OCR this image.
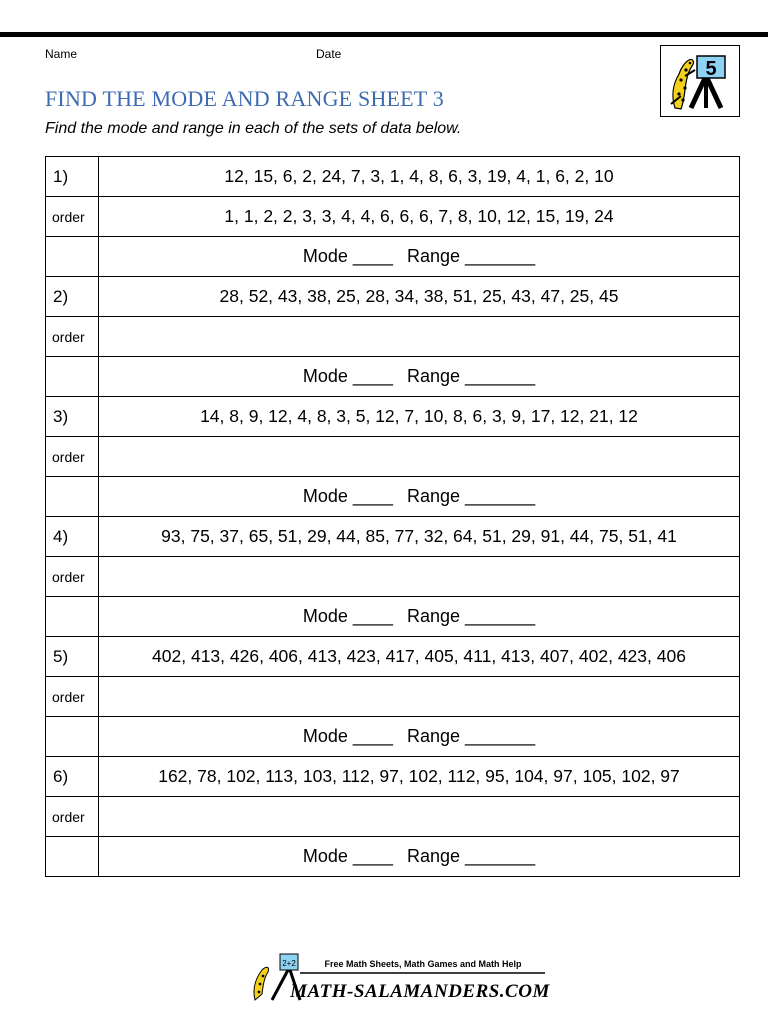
Name	Date
FIND THE MODE AND RANGE SHEET 3
Find the mode and range in each of the sets of data below.
5
1)	12, 15, 6, 2, 24, 7, 3, 1, 4, 8, 6, 3, 19, 4, 1, 6, 2, 10
order	1, 1, 2, 2, 3, 3, 4, 4, 6, 6, 6, 7, 8, 10, 12, 15, 19, 24
	Mode ____ Range _______
2)	28, 52, 43, 38, 25, 28, 34, 38, 51, 25, 43, 47, 25, 45
order	
	Mode ____ Range _______
3)	14, 8, 9, 12, 4, 8, 3, 5, 12, 7, 10, 8, 6, 3, 9, 17, 12, 21, 12
order	
	Mode ____ Range _______
4)	93, 75, 37, 65, 51, 29, 44, 85, 77, 32, 64, 51, 29, 91, 44, 75, 51, 41
order	
	Mode ____ Range _______
5)	402, 413, 426, 406, 413, 423, 417, 405, 411, 413, 407, 402, 423, 406
order	
	Mode ____ Range _______
6)	162, 78, 102, 113, 103, 112, 97, 102, 112, 95, 104, 97, 105, 102, 97
order	
	Mode ____ Range _______
2+2	Free Math Sheets, Math Games and Math Help
MATH-SALAMANDERS.COM
